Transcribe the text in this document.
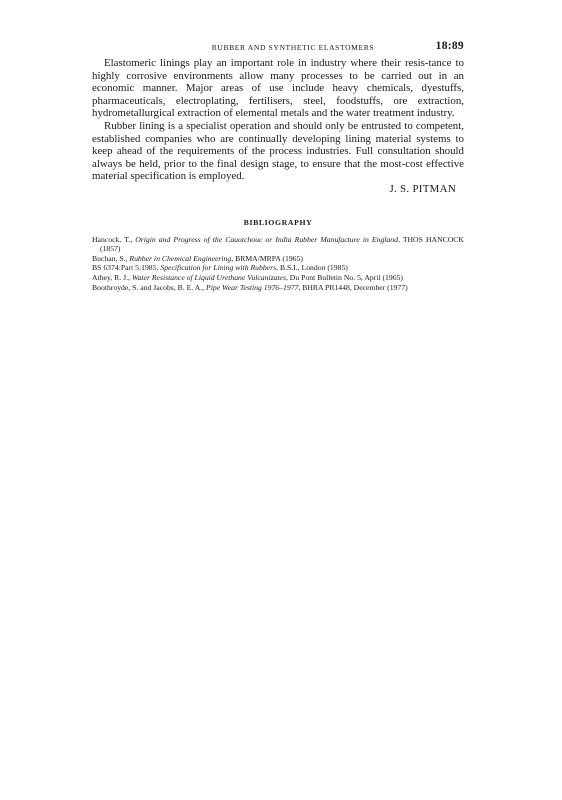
RUBBER AND SYNTHETIC ELASTOMERS	18:89

Elastomeric linings play an important role in industry where their resis-tance to highly corrosive environments allow many processes to be carried out in an economic manner. Major areas of use include heavy chemicals, dyestuffs, pharmaceuticals, electroplating, fertilisers, steel, foodstuffs, ore extraction, hydrometallurgical extraction of elemental metals and the water treatment industry.

Rubber lining is a specialist operation and should only be entrusted to competent, established companies who are continually developing lining material systems to keep ahead of the requirements of the process industries. Full consultation should always be held, prior to the final design stage, to ensure that the most-cost effective material specification is employed.

J. S. PITMAN
BIBLIOGRAPHY
Hancock, T., Origin and Progress of the Cauotchouc or India Rubber Manufacture in England, THOS HANCOCK (1857)
Buchan, S., Rubber in Chemical Engineering, BRMA/MRPA (1965)
BS 6374:Part 5:1985, Specification for Lining with Rubbers, B.S.I., London (1985)
Athey, R. J., Water Resistance of Liquid Urethane Vulcanizates, Du Pont Bulletin No. 5, April (1965)
Boothroyde, S. and Jacobs, B. E. A., Pipe Wear Testing 1976–1977, BHRA PR1448, December (1977)
